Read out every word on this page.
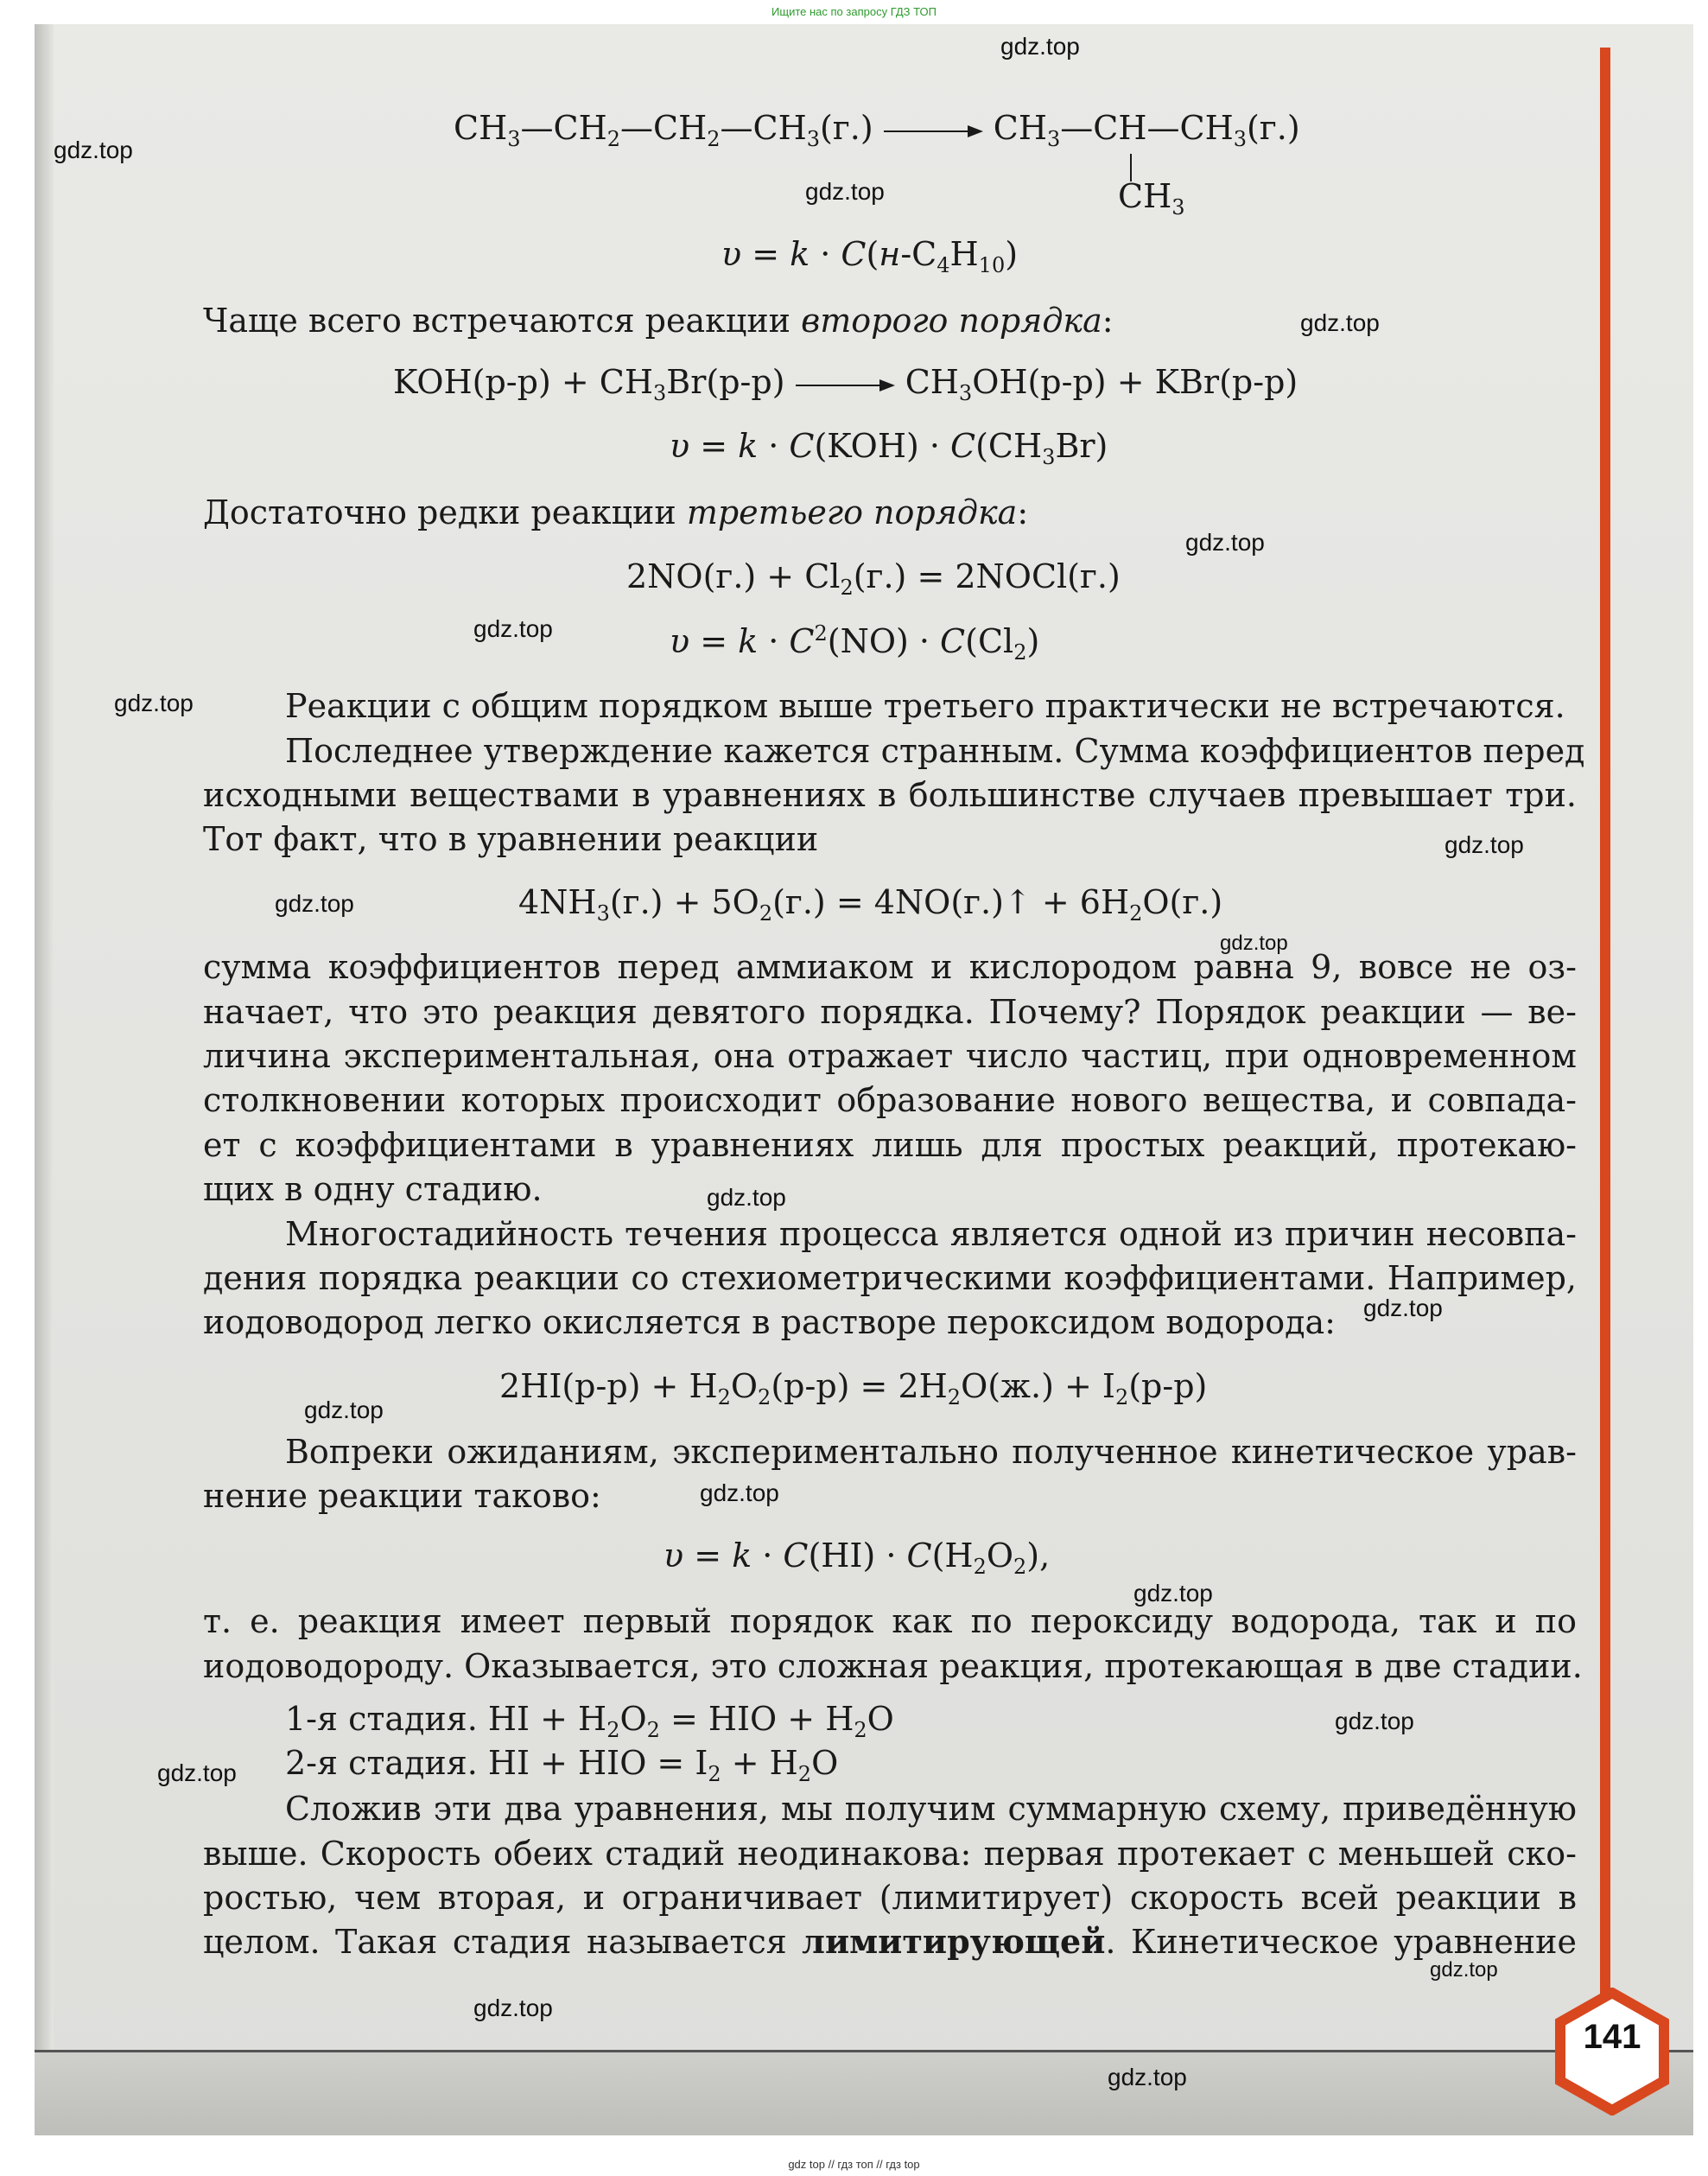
Ищите нас по запросу ГДЗ ТОП
141
$CH_3—CH_2—CH_2—CH_3(г.)$	$CH_3—CH—CH_3(г.)$
$CH_3$
$\upsilon = k \cdot C(н-C_4H_{10})$
Чаще всего встречаются реакции второго порядка:
$KOH(р-р) + CH_3Br(р-р)$	$CH_3OH(р-р) + KBr(р-р)$
$\upsilon = k \cdot C(KOH) \cdot C(CH_3Br)$
Достаточно редки реакции третьего порядка:
$2NO(г.) + Cl_2(г.)$ = 2NOCl(г.)
$\upsilon = k \cdot C^2(NO) \cdot C(Cl_2)$
Реакции с общим порядком выше третьего практически не встречаются.
Последнее утверждение кажется странным. Сумма коэффициентов перед
исходными веществами в уравнениях в большинстве случаев превышает три.
Тот факт, что в уравнении реакции
$4NH_3(г.) + 5O_2(г.)$ = 4NO(г.)↑ + $6H_2O(г.)$
сумма коэффициентов перед аммиаком и кислородом равна 9, вовсе не оз-
начает, что это реакция девятого порядка. Почему? Порядок реакции — ве-
личина экспериментальная, она отражает число частиц, при одновременном
столкновении которых происходит образование нового вещества, и совпада-
ет с коэффициентами в уравнениях лишь для простых реакций, протекаю-
щих в одну стадию.
Многостадийность течения процесса является одной из причин несовпа-
дения порядка реакции со стехиометрическими коэффициентами. Например,
иодоводород легко окисляется в растворе пероксидом водорода:
$2HI(р-р) + H_2O_2(р-р) = 2H_2O(ж.) + I_2(р-р)$
Вопреки ожиданиям, экспериментально полученное кинетическое урав-
нение реакции таково:
$\upsilon = k \cdot C(HI) \cdot C(H_2O_2)$,
т. е. реакция имеет первый порядок как по пероксиду водорода, так и по
иодоводороду. Оказывается, это сложная реакция, протекающая в две стадии.
1-я стадия. HI + $H_2O_2$ = HIO + $H_2O$
2-я стадия. HI + HIO = $I_2 + H_2O$
Сложив эти два уравнения, мы получим суммарную схему, приведённую
выше. Скорость обеих стадий неодинакова: первая протекает с меньшей ско-
ростью, чем вторая, и ограничивает (лимитирует) скорость всей реакции в
целом. Такая стадия называется лимитирующей. Кинетическое уравнение
gdz.top
gdz.top
gdz.top
gdz.top
gdz.top
gdz.top
gdz.top
gdz.top
gdz.top
gdz.top
gdz.top
gdz.top
gdz.top
gdz.top
gdz.top
gdz.top
gdz.top
gdz.top
gdz.top
gdz.top
gdz top // гдз топ // гдз top
